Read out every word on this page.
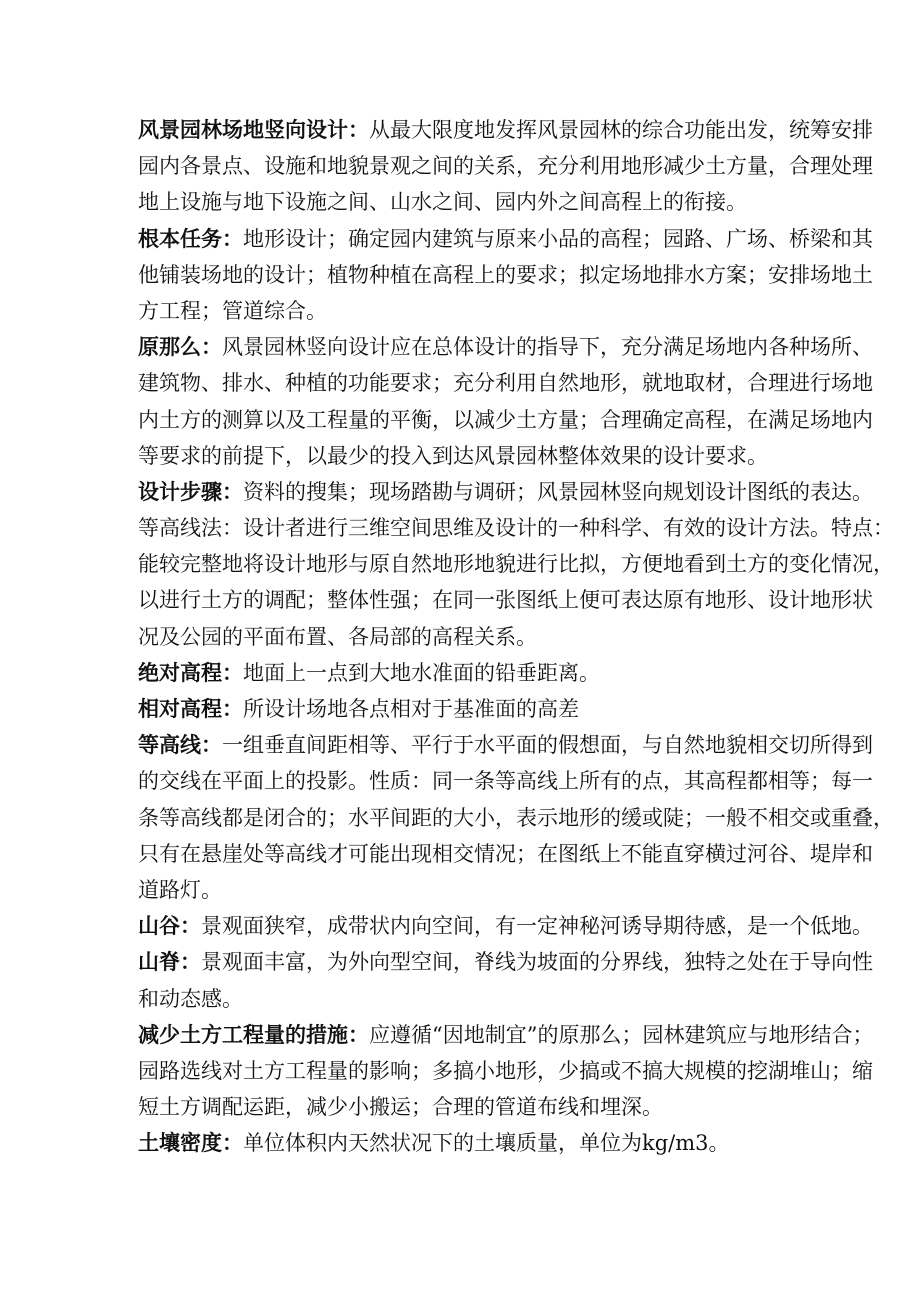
风景园林场地竖向设计：从最大限度地发挥风景园林的综合功能出发，统筹安排
园内各景点、设施和地貌景观之间的关系，充分利用地形减少土方量，合理处理
地上设施与地下设施之间、山水之间、园内外之间高程上的衔接。
根本任务：地形设计；确定园内建筑与原来小品的高程；园路、广场、桥梁和其
他铺装场地的设计；植物种植在高程上的要求；拟定场地排水方案；安排场地土
方工程；管道综合。
原那么：风景园林竖向设计应在总体设计的指导下，充分满足场地内各种场所、
建筑物、排水、种植的功能要求；充分利用自然地形，就地取材，合理进行场地
内土方的测算以及工程量的平衡，以减少土方量；合理确定高程，在满足场地内
等要求的前提下，以最少的投入到达风景园林整体效果的设计要求。
设计步骤：资料的搜集；现场踏勘与调研；风景园林竖向规划设计图纸的表达。
等高线法：设计者进行三维空间思维及设计的一种科学、有效的设计方法。特点：
能较完整地将设计地形与原自然地形地貌进行比拟，方便地看到土方的变化情况，
以进行土方的调配；整体性强；在同一张图纸上便可表达原有地形、设计地形状
况及公园的平面布置、各局部的高程关系。
绝对高程：地面上一点到大地水准面的铅垂距离。
相对高程：所设计场地各点相对于基准面的高差
等高线：一组垂直间距相等、平行于水平面的假想面，与自然地貌相交切所得到
的交线在平面上的投影。性质：同一条等高线上所有的点，其高程都相等；每一
条等高线都是闭合的；水平间距的大小，表示地形的缓或陡；一般不相交或重叠，
只有在悬崖处等高线才可能出现相交情况；在图纸上不能直穿横过河谷、堤岸和
道路灯。
山谷：景观面狭窄，成带状内向空间，有一定神秘河诱导期待感，是一个低地。
山脊：景观面丰富，为外向型空间，脊线为坡面的分界线，独特之处在于导向性
和动态感。
减少土方工程量的措施：应遵循“因地制宜”的原那么；园林建筑应与地形结合；
园路选线对土方工程量的影响；多搞小地形，少搞或不搞大规模的挖湖堆山；缩
短土方调配运距，减少小搬运；合理的管道布线和埋深。
土壤密度：单位体积内天然状况下的土壤质量，单位为kg/m3。
